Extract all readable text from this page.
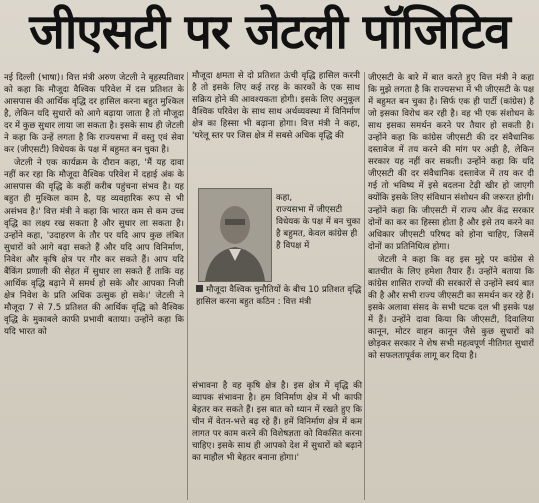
जीएसटी पर जेटली पॉजिटिव

नई दिल्ली (भाषा)। वित्त मंत्री अरुण जेटली ने बृहस्पतिवार को कहा कि मौजूदा वैश्विक परिवेश में दस प्रतिशत के आसपास की आर्थिक वृद्धि दर हासिल करना बहुत मुश्किल है, लेकिन यदि सुधारों को आगे बढ़ाया जाता है तो मौजूदा दर में कुछ सुधार लाया जा सकता है। इसके साथ ही जेटली ने कहा कि उन्हें लगता है कि राज्यसभा में वस्तु एवं सेवा कर (जीएसटी) विधेयक के पक्ष में बहुमत बन चुका है।

जेटली ने एक कार्यक्रम के दौरान कहा, 'मैं यह दावा नहीं कर रहा कि मौजूदा वैश्विक परिवेश में दहाई अंक के आसपास की वृद्धि के कहीं करीब पहुंचना संभव है। यह बहुत ही मुश्किल काम है, यह व्यवहारिक रूप से भी असंभव है।' वित्त मंत्री ने कहा कि भारत कम से कम उच्च वृद्धि का लक्ष्य रख सकता है और सुधार ला सकता है। उन्होंने कहा, 'उदाहरण के तौर पर यदि आप कुछ लंबित सुधारों को आगे बढ़ा सकते हैं और यदि आप विनिर्माण, निवेश और कृषि क्षेत्र पर गौर कर सकते हैं। आप यदि बैंकिंग प्रणाली की सेहत में सुधार ला सकते हैं ताकि वह आर्थिक वृद्धि बढ़ाने में समर्थ हो सके और आपका निजी क्षेत्र निवेश के प्रति अधिक उत्सुक हो सके।' जेटली ने मौजूदा 7 से 7.5 प्रतिशत की आर्थिक वृद्धि को वैश्विक वृद्धि के मुकाबले काफी प्रभावी बताया। उन्होंने कहा कि यदि भारत को

मौजूदा क्षमता से दो प्रतिशत ऊंची वृद्धि हासिल करनी है तो इसके लिए कई तरह के कारकों के एक साथ सक्रिय होने की आवश्यकता होगी। इसके लिए अनुकूल वैश्विक परिवेश के साथ साथ अर्थव्यवस्था में विनिर्माण क्षेत्र का हिस्सा भी बढ़ाना होगा। वित्त मंत्री ने कहा, 'घरेलू स्तर पर जिस क्षेत्र में सबसे अधिक वृद्धि की

कहा,

राज्यसभा में जीएसटी विधेयक के पक्ष में बन चुका है बहुमत, केवल कांग्रेस ही है विपक्ष में

मौजूदा वैश्विक चुनौतियों के बीच 10 प्रतिशत वृद्धि हासिल करना बहुत कठिन : वित्त मंत्री

संभावना है वह कृषि क्षेत्र है। इस क्षेत्र में वृद्धि की व्यापक संभावना है। हम विनिर्माण क्षेत्र में भी काफी बेहतर कर सकते हैं। इस बात को ध्यान में रखते हुए कि चीन में वेतन-भत्ते बढ़ रहे हैं। हमें विनिर्माण क्षेत्र में कम लागत पर काम करने की विशेषज्ञता को विकसित करना चाहिए। इसके साथ ही आपको देश में सुधारों को बढ़ाने का माहौल भी बेहतर बनाना होगा।'

जीएसटी के बारे में बात करते हुए वित्त मंत्री ने कहा कि मुझे लगता है कि राज्यसभा में भी जीएसटी के पक्ष में बहुमत बन चुका है। सिर्फ एक ही पार्टी (कांग्रेस) है जो इसका विरोध कर रही है। वह भी एक संशोधन के साथ इसका समर्थन करने पर तैयार हो सकती है। उन्होंने कहा कि कांग्रेस जीएसटी की दर संवैधानिक दस्तावेज में तय करने की मांग पर अड़ी है, लेकिन सरकार यह नहीं कर सकती। उन्होंने कहा कि यदि जीएसटी की दर संवैधानिक दस्तावेज में तय कर दी गई तो भविष्य में इसे बदलना टेढ़ी खीर हो जाएगी क्योंकि इसके लिए संविधान संशोधन की जरूरत होगी। उन्होंने कहा कि जीएसटी में राज्य और केंद्र सरकार दोनों का कर का हिस्सा होता है और इसे तय करने का अधिकार जीएसटी परिषद को होना चाहिए, जिसमें दोनों का प्रतिनिधित्व होगा।

जेटली ने कहा कि वह इस मुद्दे पर कांग्रेस से बातचीत के लिए हमेशा तैयार हैं। उन्होंने बताया कि कांग्रेस शासित राज्यों की सरकारों से उन्होंने स्वयं बात की है और सभी राज्य जीएसटी का समर्थन कर रहे हैं। इसके अलावा संसद के सभी घटक दल भी इसके पक्ष में हैं। उन्होंने दावा किया कि जीएसटी, दिवालिया कानून, मोटर वाहन कानून जैसे कुछ सुधारों को छोड़कर सरकार ने शेष सभी महत्वपूर्ण नीतिगत सुधारों को सफलतापूर्वक लागू कर दिया है।
